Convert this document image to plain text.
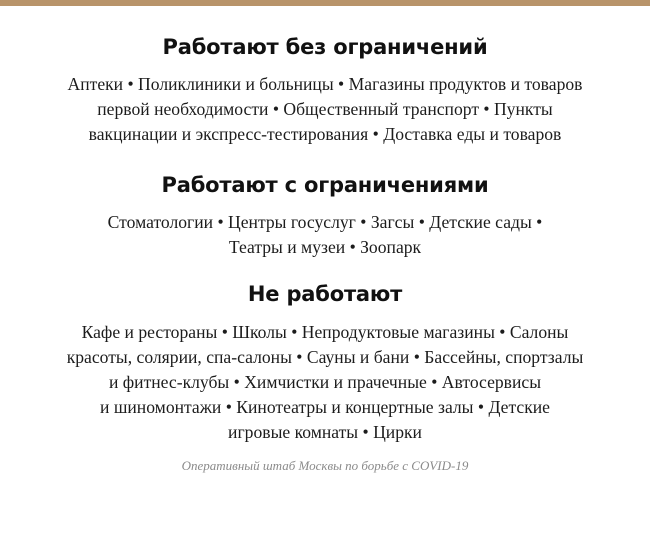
Работают без ограничений

Аптеки • Поликлиники и больницы • Магазины продуктов и товаров
первой необходимости • Общественный транспорт • Пункты
вакцинации и экспресс-тестирования • Доставка еды и товаров

Работают с ограничениями

Стоматологии • Центры госуслуг • Загсы • Детские сады •
Театры и музеи • Зоопарк

Не работают

Кафе и рестораны • Школы • Непродуктовые магазины • Салоны
красоты, солярии, спа-салоны • Сауны и бани • Бассейны, спортзалы
и фитнес-клубы • Химчистки и прачечные • Автосервисы
и шиномонтажи • Кинотеатры и концертные залы • Детские
игровые комнаты • Цирки

Оперативный штаб Москвы по борьбе с COVID-19
